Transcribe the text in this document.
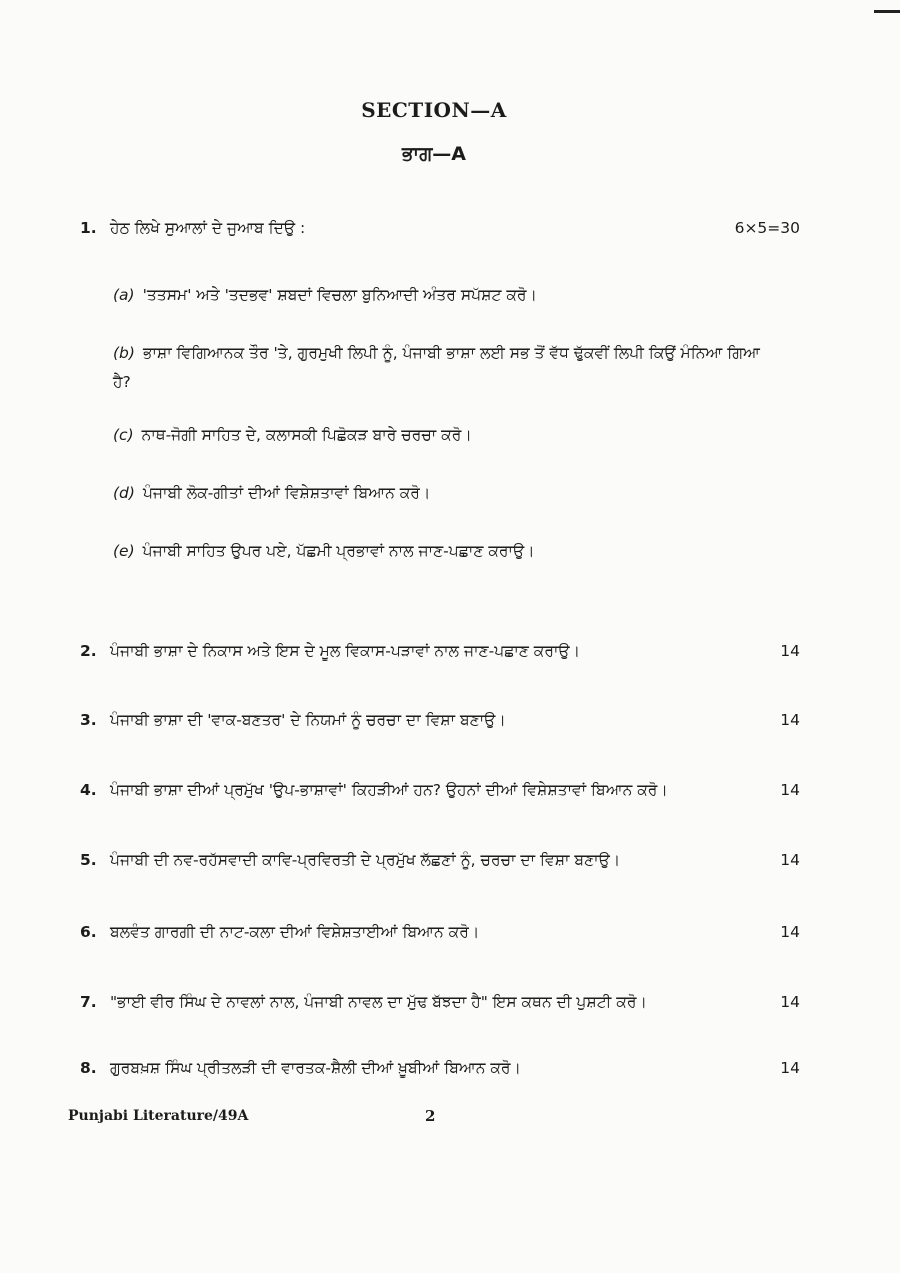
SECTION—A
ਭਾਗ—A
1. ਹੇਠ ਲਿਖੇ ਸੁਆਲਾਂ ਦੇ ਜੁਆਬ ਦਿਉ :	6×5=30
(a) 'ਤਤਸਮ' ਅਤੇ 'ਤਦਭਵ' ਸ਼ਬਦਾਂ ਵਿਚਲਾ ਬੁਨਿਆਦੀ ਅੰਤਰ ਸਪੱਸ਼ਟ ਕਰੋ।
(b) ਭਾਸ਼ਾ ਵਿਗਿਆਨਕ ਤੌਰ 'ਤੇ, ਗੁਰਮੁਖੀ ਲਿਪੀ ਨੂੰ, ਪੰਜਾਬੀ ਭਾਸ਼ਾ ਲਈ ਸਭ ਤੋਂ ਵੱਧ ਢੁੱਕਵੀਂ ਲਿਪੀ ਕਿਉਂ ਮੰਨਿਆ ਗਿਆ ਹੈ?
(c) ਨਾਥ-ਜੋਗੀ ਸਾਹਿਤ ਦੇ, ਕਲਾਸਕੀ ਪਿਛੋਕੜ ਬਾਰੇ ਚਰਚਾ ਕਰੋ।
(d) ਪੰਜਾਬੀ ਲੋਕ-ਗੀਤਾਂ ਦੀਆਂ ਵਿਸ਼ੇਸ਼ਤਾਵਾਂ ਬਿਆਨ ਕਰੋ।
(e) ਪੰਜਾਬੀ ਸਾਹਿਤ ਉਪਰ ਪਏ, ਪੱਛਮੀ ਪ੍ਰਭਾਵਾਂ ਨਾਲ ਜਾਣ-ਪਛਾਣ ਕਰਾਉ।
2. ਪੰਜਾਬੀ ਭਾਸ਼ਾ ਦੇ ਨਿਕਾਸ ਅਤੇ ਇਸ ਦੇ ਮੂਲ ਵਿਕਾਸ-ਪੜਾਵਾਂ ਨਾਲ ਜਾਣ-ਪਛਾਣ ਕਰਾਉ।	14
3. ਪੰਜਾਬੀ ਭਾਸ਼ਾ ਦੀ 'ਵਾਕ-ਬਣਤਰ' ਦੇ ਨਿਯਮਾਂ ਨੂੰ ਚਰਚਾ ਦਾ ਵਿਸ਼ਾ ਬਣਾਉ।	14
4. ਪੰਜਾਬੀ ਭਾਸ਼ਾ ਦੀਆਂ ਪ੍ਰਮੁੱਖ 'ਉਪ-ਭਾਸ਼ਾਵਾਂ' ਕਿਹੜੀਆਂ ਹਨ? ਉਹਨਾਂ ਦੀਆਂ ਵਿਸ਼ੇਸ਼ਤਾਵਾਂ ਬਿਆਨ ਕਰੋ।	14
5. ਪੰਜਾਬੀ ਦੀ ਨਵ-ਰਹੱਸਵਾਦੀ ਕਾਵਿ-ਪ੍ਰਵਿਰਤੀ ਦੇ ਪ੍ਰਮੁੱਖ ਲੱਛਣਾਂ ਨੂੰ, ਚਰਚਾ ਦਾ ਵਿਸ਼ਾ ਬਣਾਉ।	14
6. ਬਲਵੰਤ ਗਾਰਗੀ ਦੀ ਨਾਟ-ਕਲਾ ਦੀਆਂ ਵਿਸ਼ੇਸ਼ਤਾਈਆਂ ਬਿਆਨ ਕਰੋ।	14
7. "ਭਾਈ ਵੀਰ ਸਿੰਘ ਦੇ ਨਾਵਲਾਂ ਨਾਲ, ਪੰਜਾਬੀ ਨਾਵਲ ਦਾ ਮੁੱਢ ਬੱਝਦਾ ਹੈ" ਇਸ ਕਥਨ ਦੀ ਪੁਸ਼ਟੀ ਕਰੋ।	14
8. ਗੁਰਬਖ਼ਸ਼ ਸਿੰਘ ਪ੍ਰੀਤਲੜੀ ਦੀ ਵਾਰਤਕ-ਸ਼ੈਲੀ ਦੀਆਂ ਖ਼ੂਬੀਆਂ ਬਿਆਨ ਕਰੋ।	14
Punjabi Literature/49A	2
